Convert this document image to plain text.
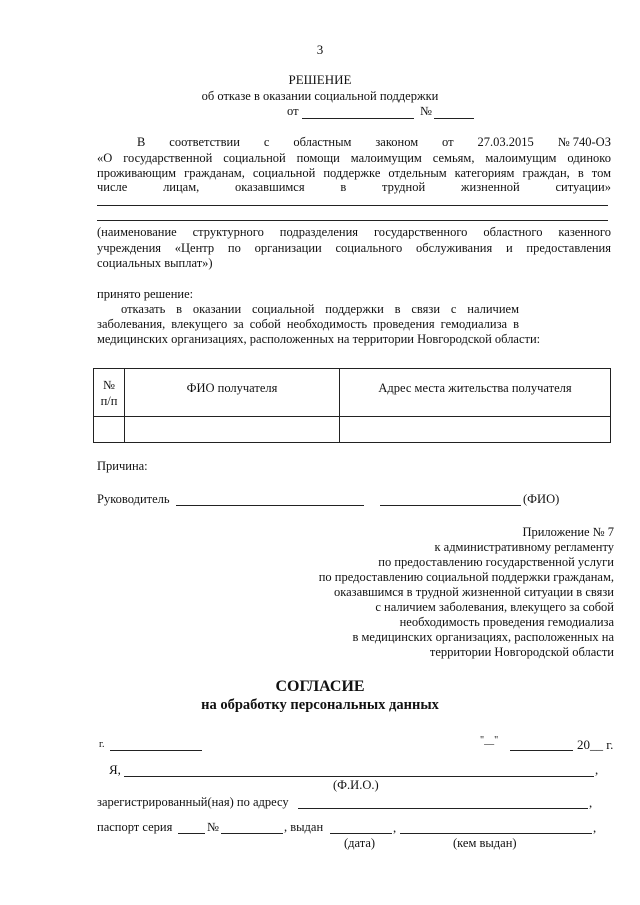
3
РЕШЕНИЕ
об отказе в оказании социальной поддержки
от	№
В соответствии с областным законом от 27.03.2015 № 740-ОЗ
«О государственной социальной помощи малоимущим семьям, малоимущим одиноко
проживающим гражданам, социальной поддержке отдельным категориям граждан, в том
числе	лицам,	оказавшимся	в	трудной	жизненной	ситуации»
(наименование структурного подразделения государственного областного казенного
учреждения «Центр по организации социального обслуживания и предоставления
социальных выплат»)
принято решение:
отказать в оказании социальной поддержки в связи с наличием
заболевания, влекущего за собой необходимость проведения гемодиализа в
медицинских организациях, расположенных на территории Новгородской области:
№
п/п	ФИО получателя	Адрес места жительства получателя

Причина:
Руководитель	(ФИО)
Приложение № 7
к административному регламенту
по предоставлению государственной услуги
по предоставлению социальной поддержки гражданам,
оказавшимся в трудной жизненной ситуации в связи
с наличием заболевания, влекущего за собой
необходимость проведения гемодиализа
в медицинских организациях, расположенных на
территории Новгородской области
СОГЛАСИЕ
на обработку персональных данных
г.	"__"	20__ г.
Я,	,
(Ф.И.О.)
зарегистрированный(ная) по адресу	,
паспорт серия	№	, выдан	,	,
(дата)	(кем выдан)
